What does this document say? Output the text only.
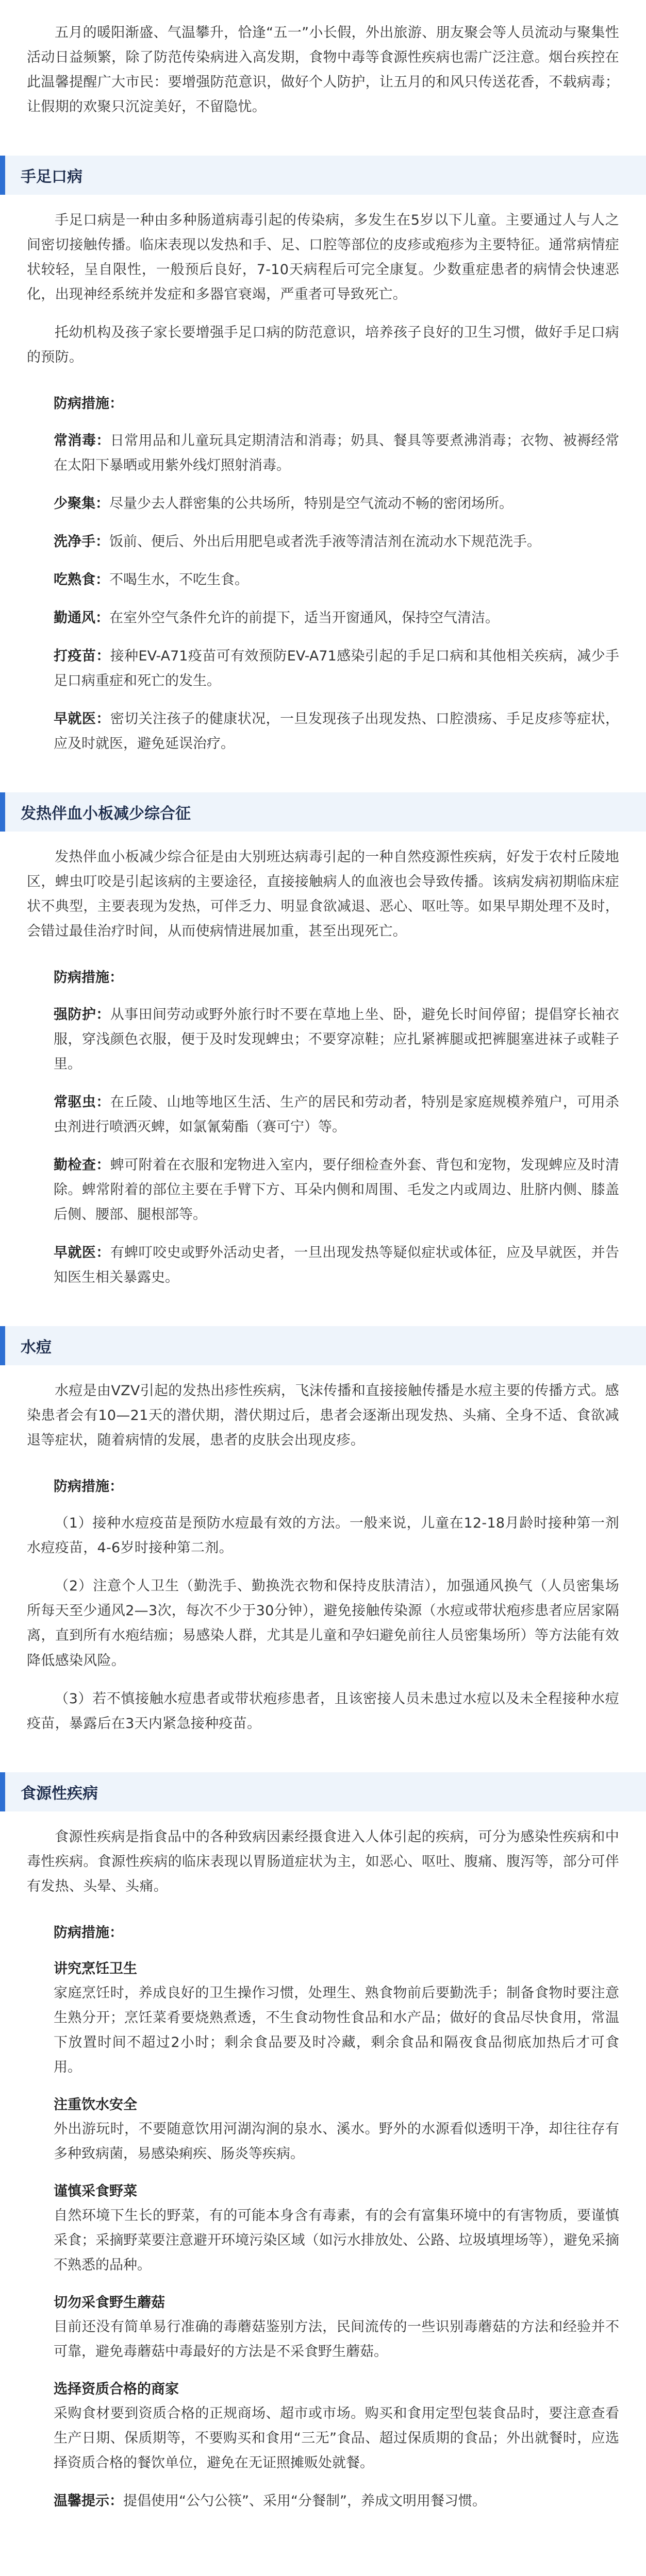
五月的暖阳渐盛、气温攀升，恰逢“五一”小长假，外出旅游、朋友聚会等人员流动与聚集性活动日益频繁，除了防范传染病进入高发期，食物中毒等食源性疾病也需广泛注意。烟台疾控在此温馨提醒广大市民：要增强防范意识，做好个人防护，让五月的和风只传送花香，不载病毒；让假期的欢聚只沉淀美好，不留隐忧。

手足口病

手足口病是一种由多种肠道病毒引起的传染病，多发生在5岁以下儿童。主要通过人与人之间密切接触传播。临床表现以发热和手、足、口腔等部位的皮疹或疱疹为主要特征。通常病情症状较轻，呈自限性，一般预后良好，7-10天病程后可完全康复。少数重症患者的病情会快速恶化，出现神经系统并发症和多器官衰竭，严重者可导致死亡。

托幼机构及孩子家长要增强手足口病的防范意识，培养孩子良好的卫生习惯，做好手足口病的预防。

防病措施：

常消毒：日常用品和儿童玩具定期清洁和消毒；奶具、餐具等要煮沸消毒；衣物、被褥经常在太阳下暴晒或用紫外线灯照射消毒。

少聚集：尽量少去人群密集的公共场所，特别是空气流动不畅的密闭场所。

洗净手：饭前、便后、外出后用肥皂或者洗手液等清洁剂在流动水下规范洗手。

吃熟食：不喝生水，不吃生食。

勤通风：在室外空气条件允许的前提下，适当开窗通风，保持空气清洁。

打疫苗：接种EV-A71疫苗可有效预防EV-A71感染引起的手足口病和其他相关疾病，减少手足口病重症和死亡的发生。

早就医：密切关注孩子的健康状况，一旦发现孩子出现发热、口腔溃疡、手足皮疹等症状，应及时就医，避免延误治疗。

发热伴血小板减少综合征

发热伴血小板减少综合征是由大别班达病毒引起的一种自然疫源性疾病，好发于农村丘陵地区，蜱虫叮咬是引起该病的主要途径，直接接触病人的血液也会导致传播。该病发病初期临床症状不典型，主要表现为发热，可伴乏力、明显食欲减退、恶心、呕吐等。如果早期处理不及时，会错过最佳治疗时间，从而使病情进展加重，甚至出现死亡。

防病措施：

强防护：从事田间劳动或野外旅行时不要在草地上坐、卧，避免长时间停留；提倡穿长袖衣服，穿浅颜色衣服，便于及时发现蜱虫；不要穿凉鞋；应扎紧裤腿或把裤腿塞进袜子或鞋子里。

常驱虫：在丘陵、山地等地区生活、生产的居民和劳动者，特别是家庭规模养殖户，可用杀虫剂进行喷洒灭蜱，如氯氰菊酯（赛可宁）等。

勤检查：蜱可附着在衣服和宠物进入室内，要仔细检查外套、背包和宠物，发现蜱应及时清除。蜱常附着的部位主要在手臂下方、耳朵内侧和周围、毛发之内或周边、肚脐内侧、膝盖后侧、腰部、腿根部等。

早就医：有蜱叮咬史或野外活动史者，一旦出现发热等疑似症状或体征，应及早就医，并告知医生相关暴露史。

水痘

水痘是由VZV引起的发热出疹性疾病，飞沫传播和直接接触传播是水痘主要的传播方式。感染患者会有10—21天的潜伏期，潜伏期过后，患者会逐渐出现发热、头痛、全身不适、食欲减退等症状，随着病情的发展，患者的皮肤会出现皮疹。

防病措施：

（1）接种水痘疫苗是预防水痘最有效的方法。一般来说，儿童在12-18月龄时接种第一剂水痘疫苗，4-6岁时接种第二剂。

（2）注意个人卫生（勤洗手、勤换洗衣物和保持皮肤清洁），加强通风换气（人员密集场所每天至少通风2—3次，每次不少于30分钟），避免接触传染源（水痘或带状疱疹患者应居家隔离，直到所有水疱结痂；易感染人群，尤其是儿童和孕妇避免前往人员密集场所）等方法能有效降低感染风险。

（3）若不慎接触水痘患者或带状疱疹患者，且该密接人员未患过水痘以及未全程接种水痘疫苗，暴露后在3天内紧急接种疫苗。

食源性疾病

食源性疾病是指食品中的各种致病因素经摄食进入人体引起的疾病，可分为感染性疾病和中毒性疾病。食源性疾病的临床表现以胃肠道症状为主，如恶心、呕吐、腹痛、腹泻等，部分可伴有发热、头晕、头痛。

防病措施：

讲究烹饪卫生

家庭烹饪时，养成良好的卫生操作习惯，处理生、熟食物前后要勤洗手；制备食物时要注意生熟分开；烹饪菜肴要烧熟煮透，不生食动物性食品和水产品；做好的食品尽快食用，常温下放置时间不超过2小时；剩余食品要及时冷藏，剩余食品和隔夜食品彻底加热后才可食用。

注重饮水安全

外出游玩时，不要随意饮用河湖沟涧的泉水、溪水。野外的水源看似透明干净，却往往存有多种致病菌，易感染痢疾、肠炎等疾病。

谨慎采食野菜

自然环境下生长的野菜，有的可能本身含有毒素，有的会有富集环境中的有害物质，要谨慎采食；采摘野菜要注意避开环境污染区域（如污水排放处、公路、垃圾填埋场等），避免采摘不熟悉的品种。

切勿采食野生蘑菇

目前还没有简单易行准确的毒蘑菇鉴别方法，民间流传的一些识别毒蘑菇的方法和经验并不可靠，避免毒蘑菇中毒最好的方法是不采食野生蘑菇。

选择资质合格的商家

采购食材要到资质合格的正规商场、超市或市场。购买和食用定型包装食品时，要注意查看生产日期、保质期等，不要购买和食用“三无”食品、超过保质期的食品；外出就餐时，应选择资质合格的餐饮单位，避免在无证照摊贩处就餐。

温馨提示：提倡使用“公勺公筷”、采用“分餐制”，养成文明用餐习惯。
